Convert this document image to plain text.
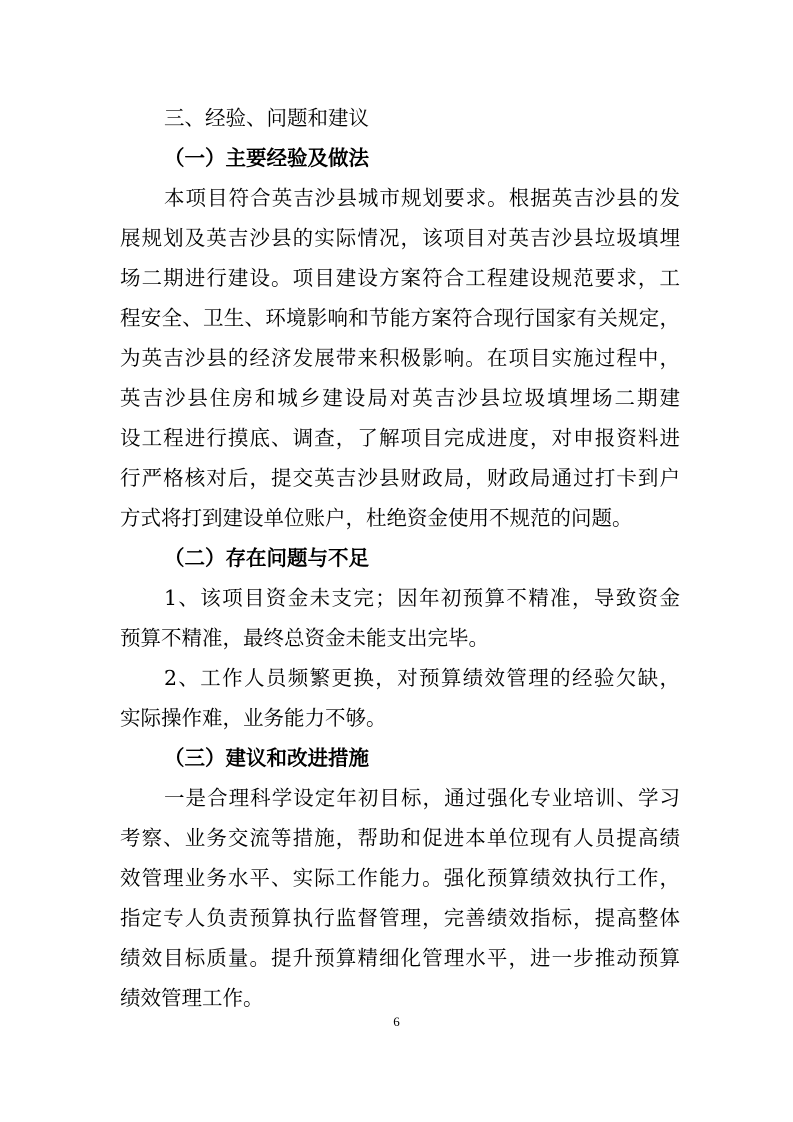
三、经验、问题和建议
（一）主要经验及做法
本项目符合英吉沙县城市规划要求。根据英吉沙县的发
展规划及英吉沙县的实际情况，该项目对英吉沙县垃圾填埋
场二期进行建设。项目建设方案符合工程建设规范要求，工
程安全、卫生、环境影响和节能方案符合现行国家有关规定，
为英吉沙县的经济发展带来积极影响。在项目实施过程中，
英吉沙县住房和城乡建设局对英吉沙县垃圾填埋场二期建
设工程进行摸底、调查，了解项目完成进度，对申报资料进
行严格核对后，提交英吉沙县财政局，财政局通过打卡到户
方式将打到建设单位账户，杜绝资金使用不规范的问题。
（二）存在问题与不足
1、该项目资金未支完；因年初预算不精准，导致资金
预算不精准，最终总资金未能支出完毕。
2、工作人员频繁更换，对预算绩效管理的经验欠缺，
实际操作难，业务能力不够。
（三）建议和改进措施
一是合理科学设定年初目标，通过强化专业培训、学习
考察、业务交流等措施，帮助和促进本单位现有人员提高绩
效管理业务水平、实际工作能力。强化预算绩效执行工作，
指定专人负责预算执行监督管理，完善绩效指标，提高整体
绩效目标质量。提升预算精细化管理水平，进一步推动预算
绩效管理工作。
6
